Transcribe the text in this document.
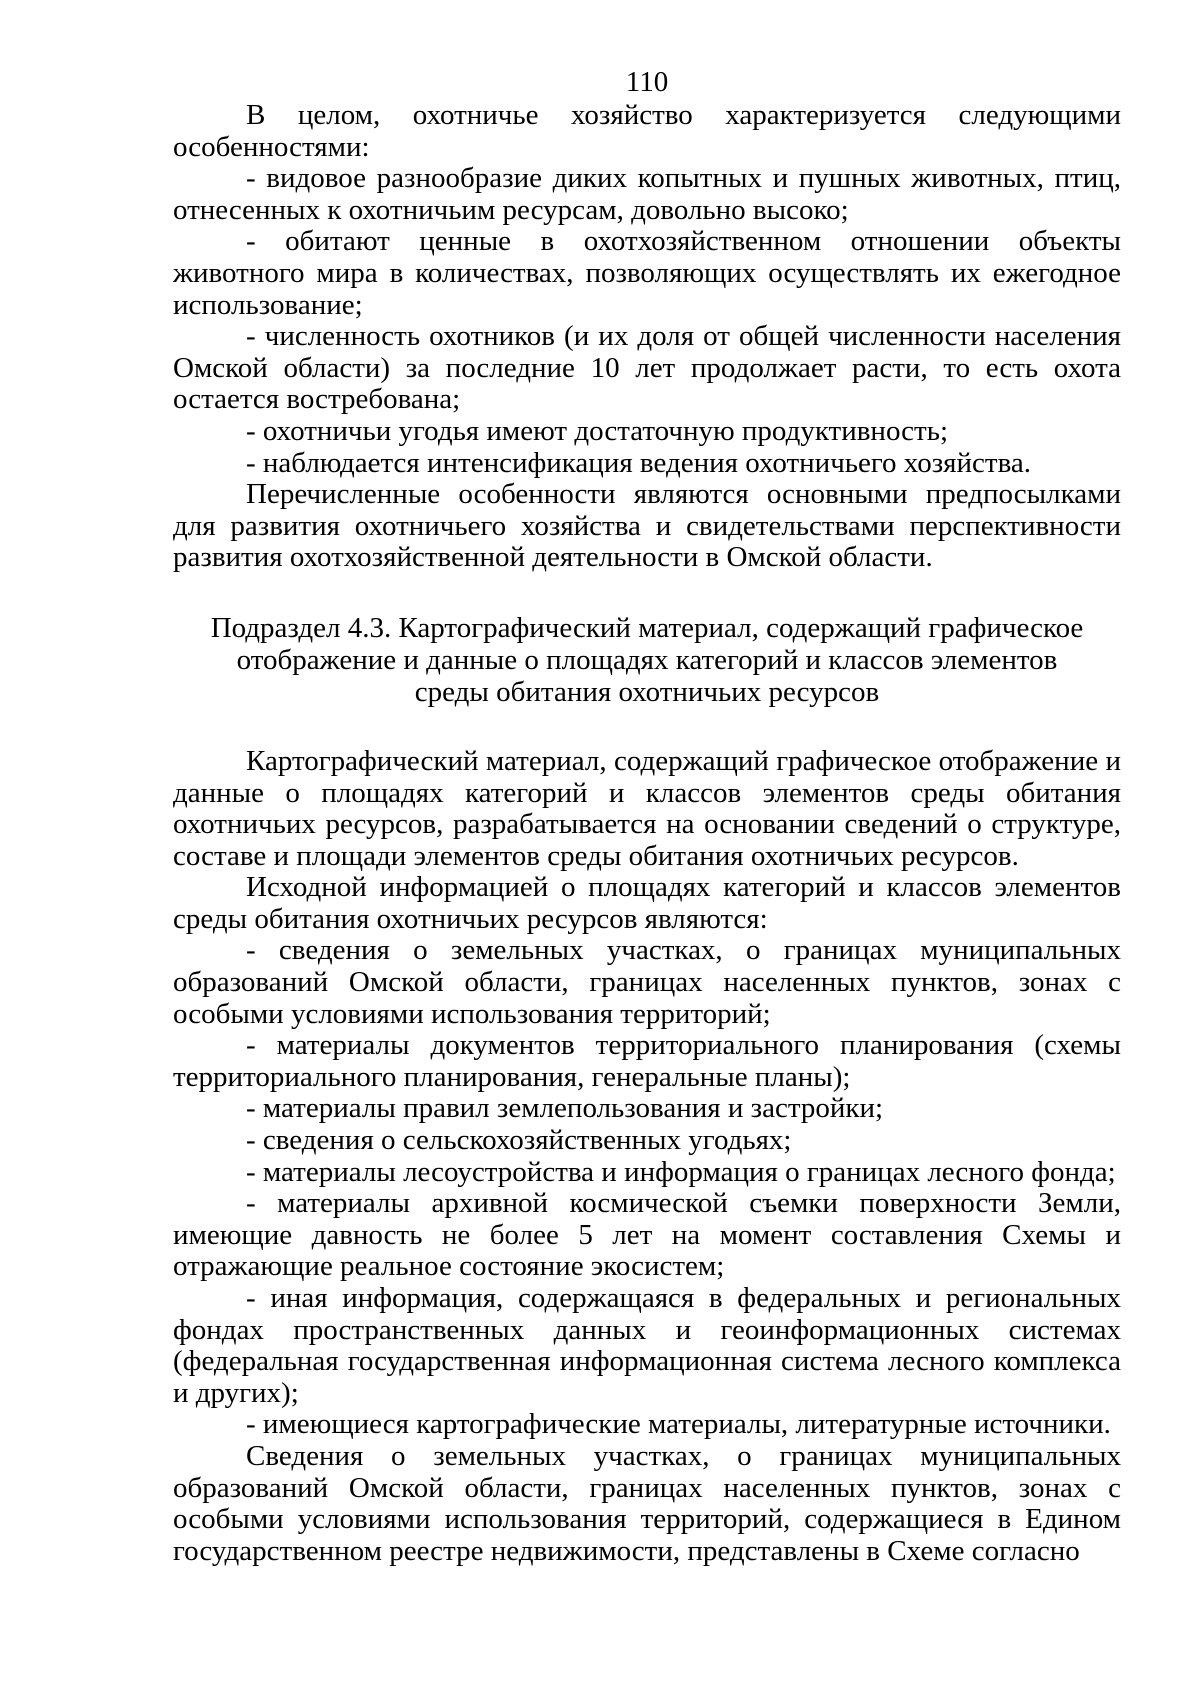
110

В целом, охотничье хозяйство характеризуется следующими особенностями:

- видовое разнообразие диких копытных и пушных животных, птиц, отнесенных к охотничьим ресурсам, довольно высоко;

- обитают ценные в охотхозяйственном отношении объекты животного мира в количествах, позволяющих осуществлять их ежегодное использование;

- численность охотников (и их доля от общей численности населения Омской области) за последние 10 лет продолжает расти, то есть охота остается востребована;

- охотничьи угодья имеют достаточную продуктивность;

- наблюдается интенсификация ведения охотничьего хозяйства.

Перечисленные особенности являются основными предпосылками для развития охотничьего хозяйства и свидетельствами перспективности развития охотхозяйственной деятельности в Омской области.

Подраздел 4.3. Картографический материал, содержащий графическое
отображение и данные о площадях категорий и классов элементов
среды обитания охотничьих ресурсов

Картографический материал, содержащий графическое отображение и данные о площадях категорий и классов элементов среды обитания охотничьих ресурсов, разрабатывается на основании сведений о структуре, составе и площади элементов среды обитания охотничьих ресурсов.

Исходной информацией о площадях категорий и классов элементов среды обитания охотничьих ресурсов являются:

- сведения о земельных участках, о границах муниципальных образований Омской области, границах населенных пунктов, зонах с особыми условиями использования территорий;

- материалы документов территориального планирования (схемы территориального планирования, генеральные планы);

- материалы правил землепользования и застройки;

- сведения о сельскохозяйственных угодьях;

- материалы лесоустройства и информация о границах лесного фонда;

- материалы архивной космической съемки поверхности Земли, имеющие давность не более 5 лет на момент составления Схемы и отражающие реальное состояние экосистем;

- иная информация, содержащаяся в федеральных и региональных фондах пространственных данных и геоинформационных системах (федеральная государственная информационная система лесного комплекса и других);

- имеющиеся картографические материалы, литературные источники.

Сведения о земельных участках, о границах муниципальных образований Омской области, границах населенных пунктов, зонах с особыми условиями использования территорий, содержащиеся в Едином государственном реестре недвижимости, представлены в Схеме согласно
